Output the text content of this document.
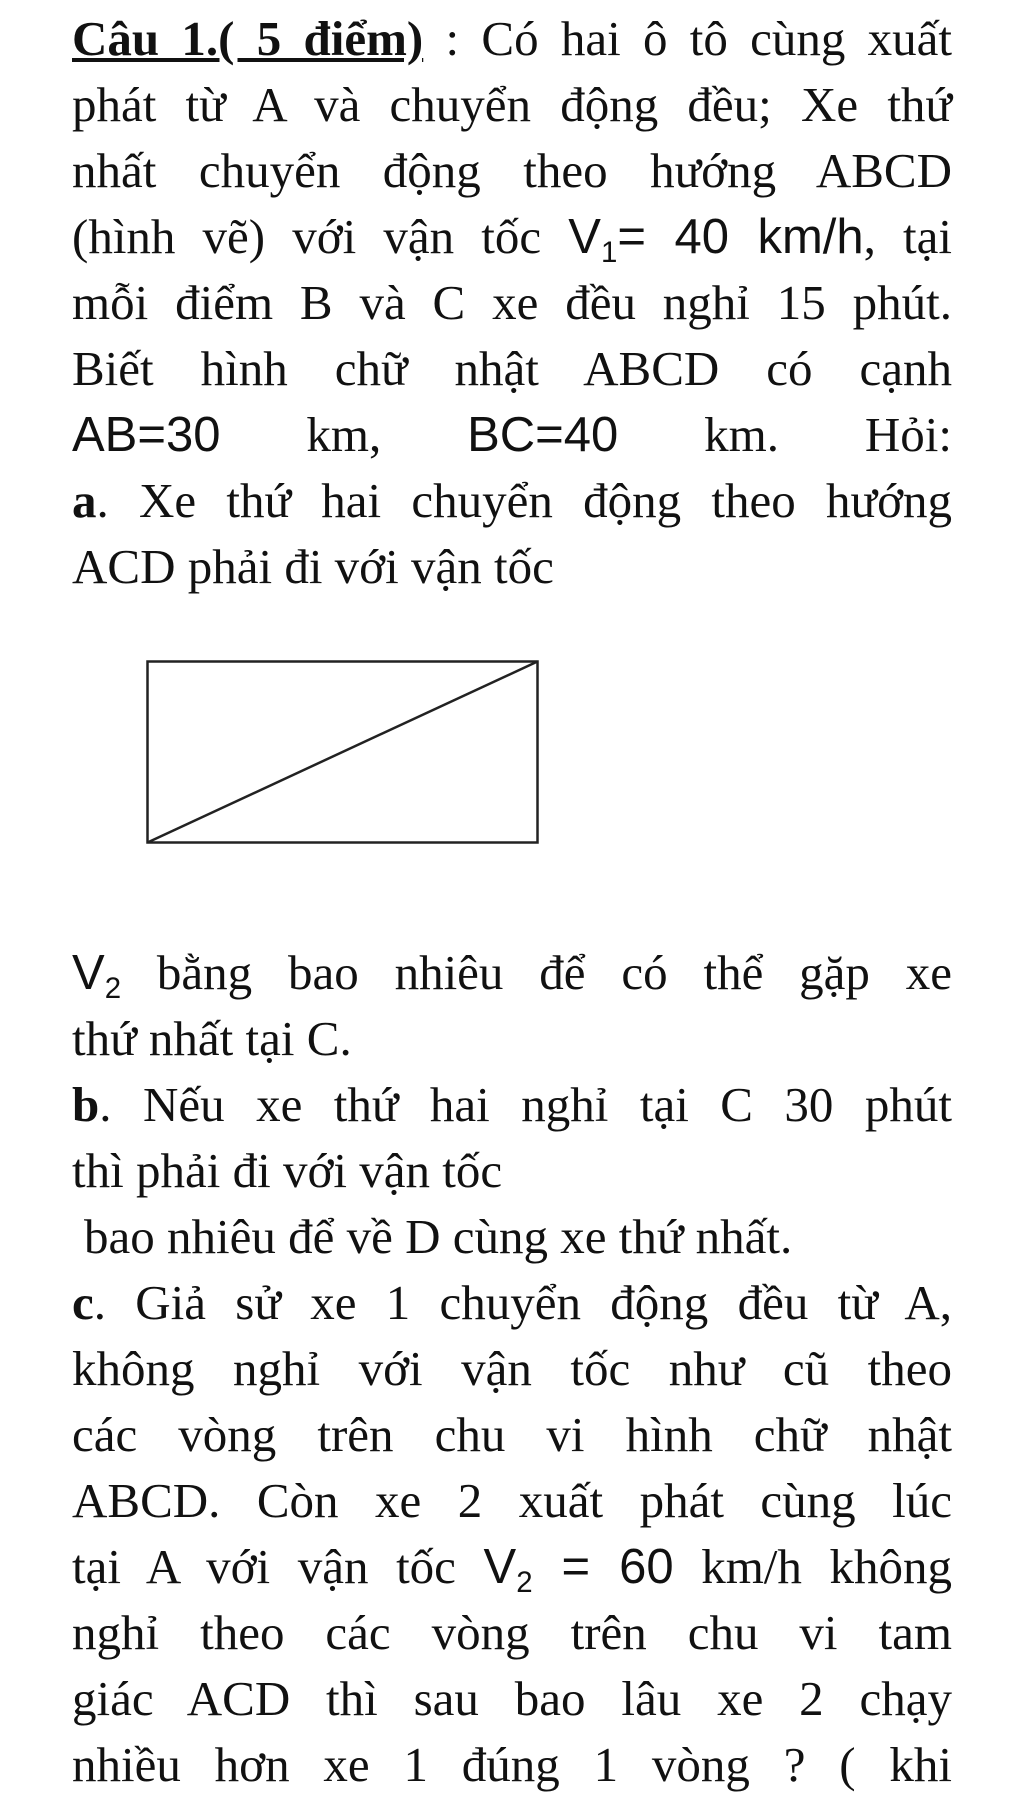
Câu 1.( 5 điểm) : Có hai ô tô cùng xuất
phát từ A và chuyển động đều; Xe thứ
nhất chuyển động theo hướng ABCD
(hình vẽ) với vận tốc $V_1= 40$ km/h, tại
mỗi điểm B và C xe đều nghỉ 15 phút.
Biết hình chữ nhật ABCD có cạnh
AB=30 km, BC=40 km. Hỏi:
a. Xe thứ hai chuyển động theo hướng
ACD phải đi với vận tốc
$V_2$ bằng bao nhiêu để có thể gặp xe
thứ nhất tại C.
b. Nếu xe thứ hai nghỉ tại C 30 phút
thì phải đi với vận tốc
bao nhiêu để về D cùng xe thứ nhất.
c. Giả sử xe 1 chuyển động đều từ A,
không nghỉ với vận tốc như cũ theo
các vòng trên chu vi hình chữ nhật
ABCD. Còn xe 2 xuất phát cùng lúc
tại A với vận tốc $V_2 = 60$ km/h không
nghỉ theo các vòng trên chu vi tam
giác ACD thì sau bao lâu xe 2 chạy
nhiều hơn xe 1 đúng 1 vòng ? ( khi
